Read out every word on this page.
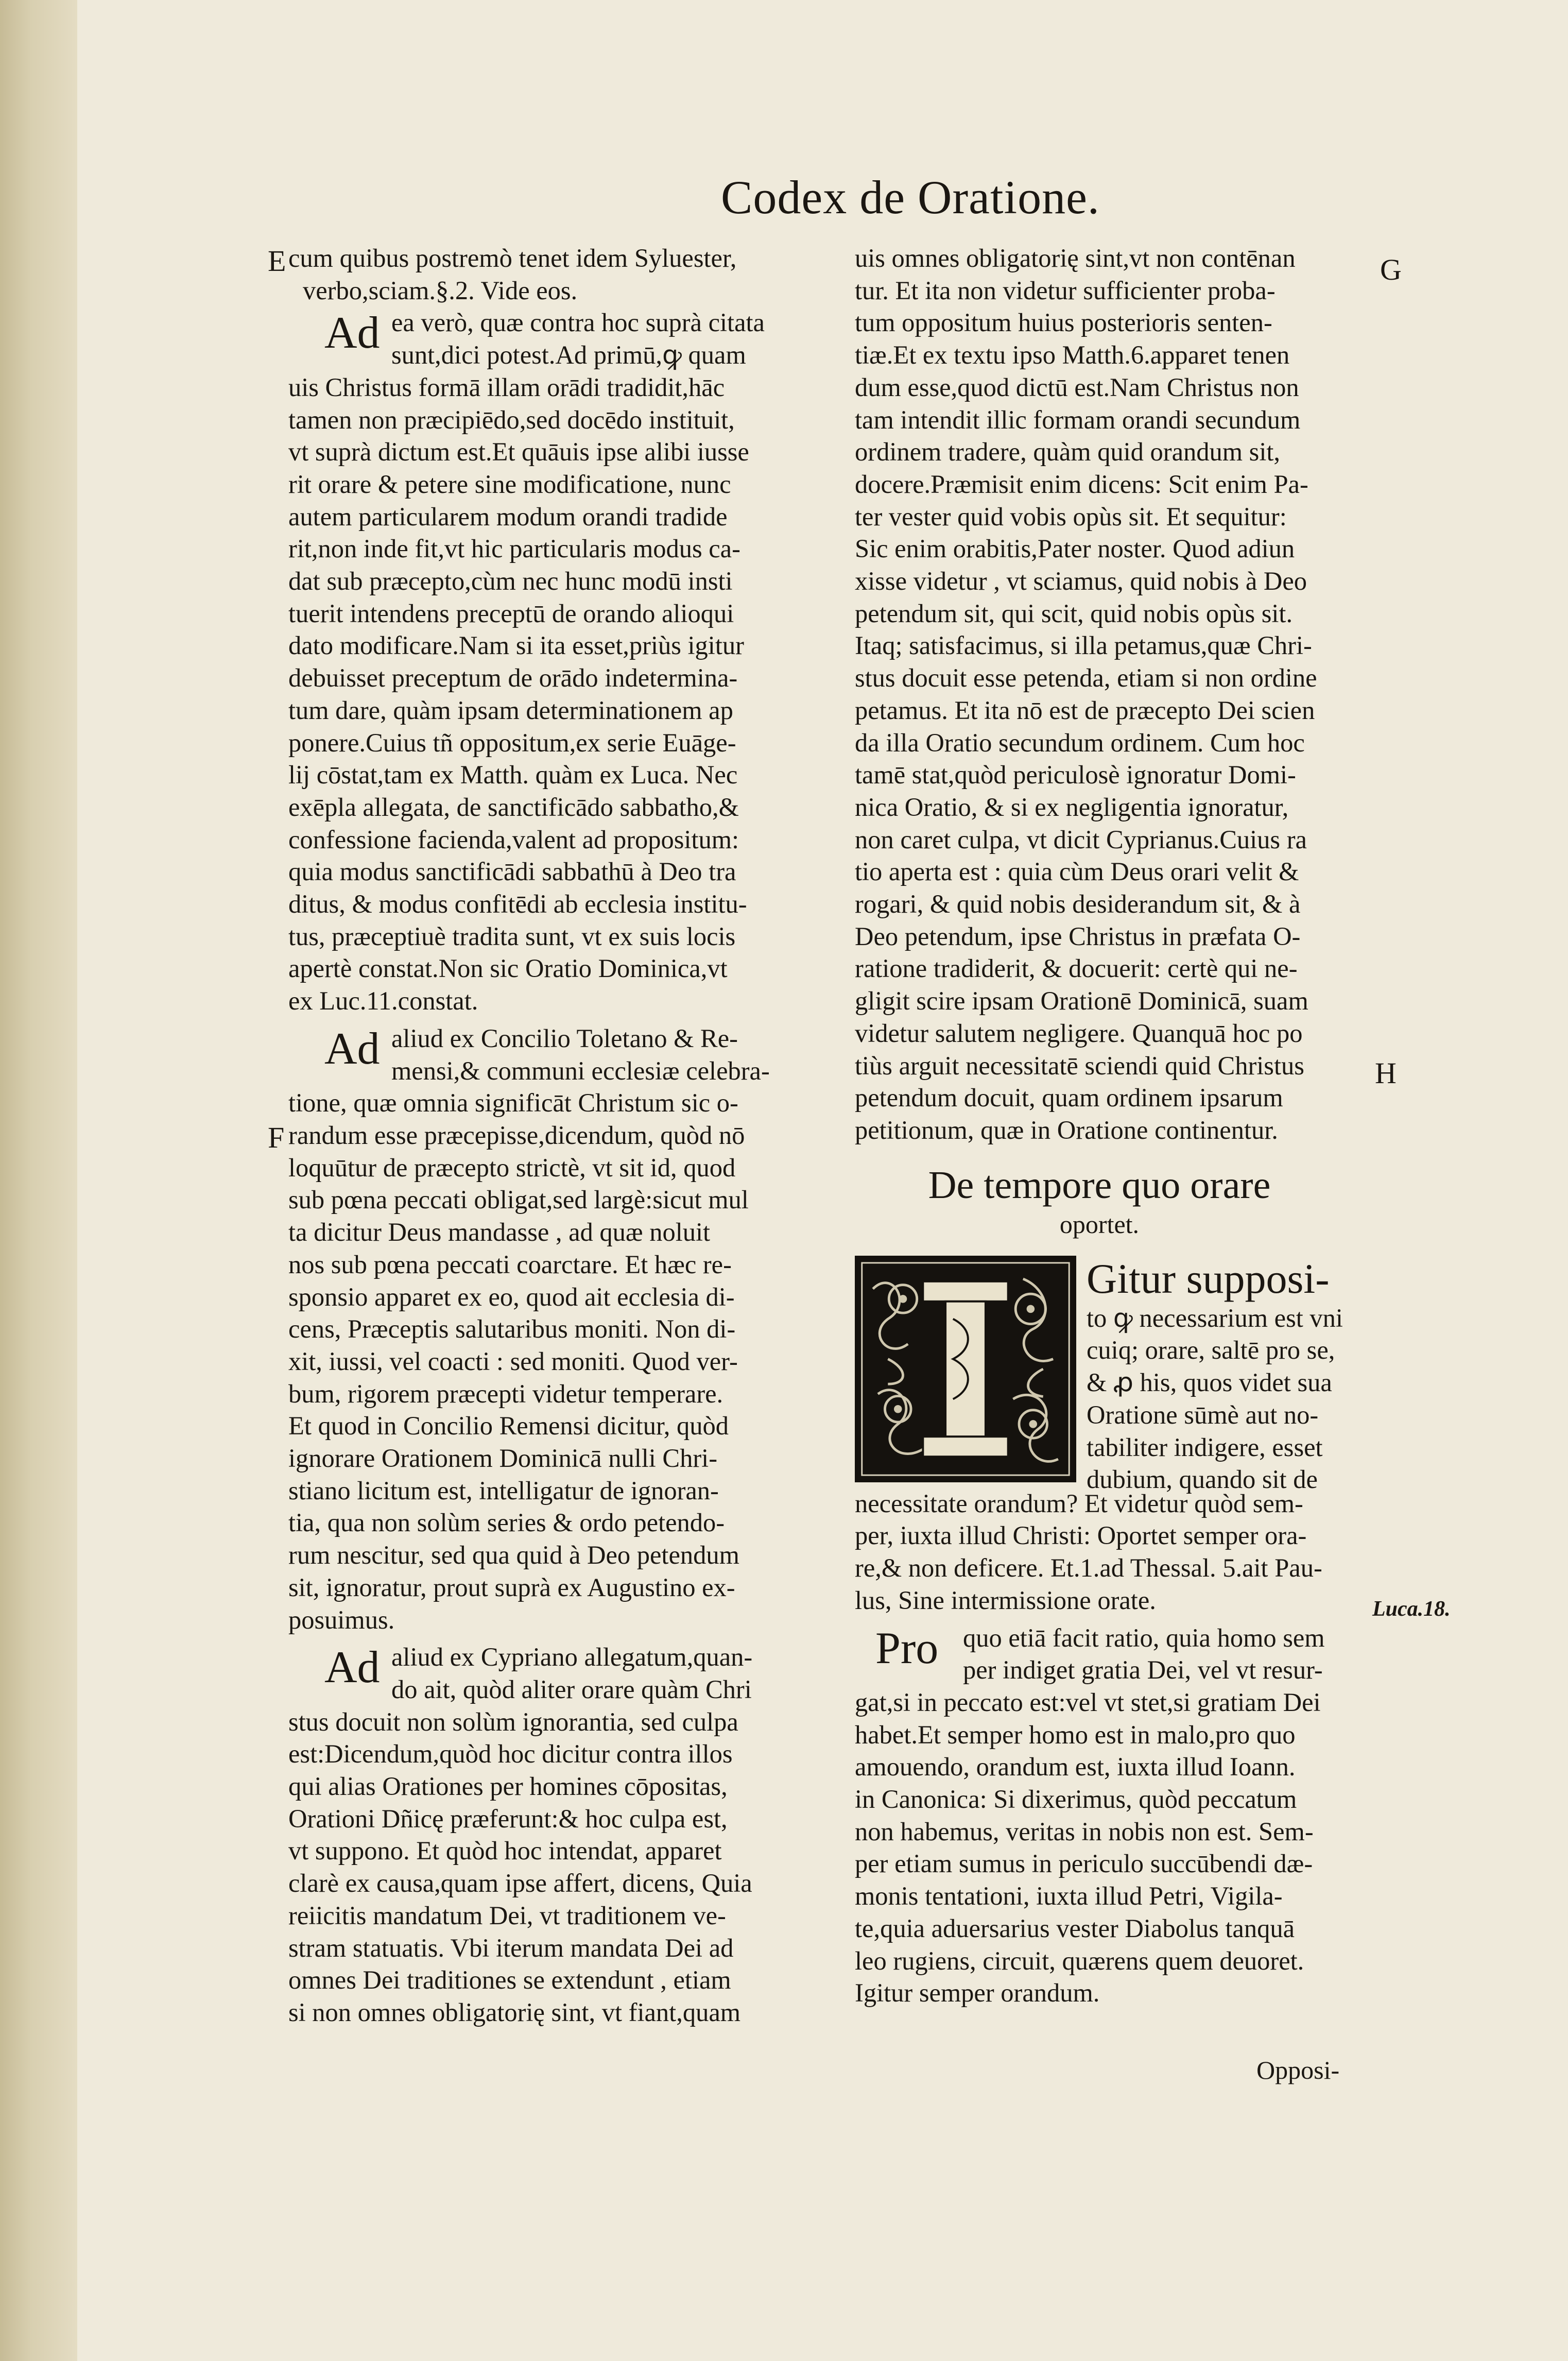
Codex de Oratione.
E
F
G
H
Luca.18.
cum quibus postremò tenet idem Syluester,
verbo,sciam.§.2. Vide eos.
Ad ea verò, quæ contra hoc suprà citata
sunt,dici potest.Ad primū,ꝙ quam
uis Christus formā illam orādi tradidit,hāc
tamen non præcipiēdo,sed docēdo instituit,
vt suprà dictum est.Et quāuis ipse alibi iusse
rit orare & petere sine modificatione, nunc
autem particularem modum orandi tradide
rit,non inde fit,vt hic particularis modus ca-
dat sub præcepto,cùm nec hunc modū insti
tuerit intendens preceptū de orando alioqui
dato modificare.Nam si ita esset,priùs igitur
debuisset preceptum de orādo indetermina-
tum dare, quàm ipsam determinationem ap
ponere.Cuius tñ oppositum,ex serie Euāge-
lij cōstat,tam ex Matth. quàm ex Luca. Nec
exēpla allegata, de sanctificādo sabbatho,&
confessione facienda,valent ad propositum:
quia modus sanctificādi sabbathū à Deo tra
ditus, & modus confitēdi ab ecclesia institu-
tus, præceptiuè tradita sunt, vt ex suis locis
apertè constat.Non sic Oratio Dominica,vt
ex Luc.11.constat.
Ad aliud ex Concilio Toletano & Re-
mensi,& communi ecclesiæ celebra-
tione, quæ omnia significāt Christum sic o-
randum esse præcepisse,dicendum, quòd nō
loquūtur de præcepto strictè, vt sit id, quod
sub pœna peccati obligat,sed largè:sicut mul
ta dicitur Deus mandasse , ad quæ noluit
nos sub pœna peccati coarctare. Et hæc re-
sponsio apparet ex eo, quod ait ecclesia di-
cens, Præceptis salutaribus moniti. Non di-
xit, iussi, vel coacti : sed moniti. Quod ver-
bum, rigorem præcepti videtur temperare.
Et quod in Concilio Remensi dicitur, quòd
ignorare Orationem Dominicā nulli Chri-
stiano licitum est, intelligatur de ignoran-
tia, qua non solùm series & ordo petendo-
rum nescitur, sed qua quid à Deo petendum
sit, ignoratur, prout suprà ex Augustino ex-
posuimus.
Ad aliud ex Cypriano allegatum,quan-
do ait, quòd aliter orare quàm Chri
stus docuit non solùm ignorantia, sed culpa
est:Dicendum,quòd hoc dicitur contra illos
qui alias Orationes per homines cōpositas,
Orationi Dñicę præferunt:& hoc culpa est,
vt suppono. Et quòd hoc intendat, apparet
clarè ex causa,quam ipse affert, dicens, Quia
reiicitis mandatum Dei, vt traditionem ve-
stram statuatis. Vbi iterum mandata Dei ad
omnes Dei traditiones se extendunt , etiam
si non omnes obligatorię sint, vt fiant,quam
uis omnes obligatorię sint,vt non contēnan
tur. Et ita non videtur sufficienter proba-
tum oppositum huius posterioris senten-
tiæ.Et ex textu ipso Matth.6.apparet tenen
dum esse,quod dictū est.Nam Christus non
tam intendit illic formam orandi secundum
ordinem tradere, quàm quid orandum sit,
docere.Præmisit enim dicens: Scit enim Pa-
ter vester quid vobis opùs sit. Et sequitur:
Sic enim orabitis,Pater noster. Quod adiun
xisse videtur , vt sciamus, quid nobis à Deo
petendum sit, qui scit, quid nobis opùs sit.
Itaq; satisfacimus, si illa petamus,quæ Chri-
stus docuit esse petenda, etiam si non ordine
petamus. Et ita nō est de præcepto Dei scien
da illa Oratio secundum ordinem. Cum hoc
tamē stat,quòd periculosè ignoratur Domi-
nica Oratio, & si ex negligentia ignoratur,
non caret culpa, vt dicit Cyprianus.Cuius ra
tio aperta est : quia cùm Deus orari velit &
rogari, & quid nobis desiderandum sit, & à
Deo petendum, ipse Christus in præfata O-
ratione tradiderit, & docuerit: certè qui ne-
gligit scire ipsam Orationē Dominicā, suam
videtur salutem negligere. Quanquā hoc po
tiùs arguit necessitatē sciendi quid Christus
petendum docuit, quam ordinem ipsarum
petitionum, quæ in Oratione continentur.
De tempore quo orare
oportet.
Gitur supposi-
to ꝙ necessarium est vni
cuiq; orare, saltē pro se,
& ꝓ his, quos videt sua
Oratione sūmè aut no-
tabiliter indigere, esset
dubium, quando sit de
necessitate orandum? Et videtur quòd sem-
per, iuxta illud Christi: Oportet semper ora-
re,& non deficere. Et.1.ad Thessal. 5.ait Pau-
lus, Sine intermissione orate.
Pro quo etiā facit ratio, quia homo sem
per indiget gratia Dei, vel vt resur-
gat,si in peccato est:vel vt stet,si gratiam Dei
habet.Et semper homo est in malo,pro quo
amouendo, orandum est, iuxta illud Ioann.
in Canonica: Si dixerimus, quòd peccatum
non habemus, veritas in nobis non est. Sem-
per etiam sumus in periculo succūbendi dæ-
monis tentationi, iuxta illud Petri, Vigila-
te,quia aduersarius vester Diabolus tanquā
leo rugiens, circuit, quærens quem deuoret.
Igitur semper orandum.
Opposi-
